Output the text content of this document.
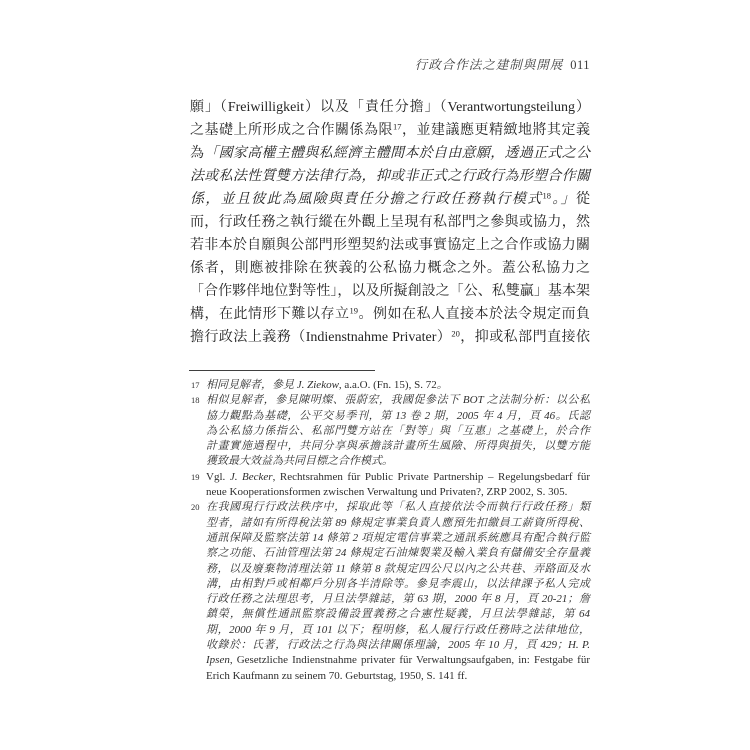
行政合作法之建制與開展 011
願」（Freiwilligkeit）以及「責任分擔」（Verantwortungsteilung）
之基礎上所形成之合作關係為限$^{17}$，並建議應更精緻地將其定義
為「國家高權主體與私經濟主體間本於自由意願，透過正式之公
法或私法性質雙方法律行為，抑或非正式之行政行為形塑合作關
係，並且彼此為風險與責任分擔之行政任務執行模式$^{18}$。」從
而，行政任務之執行縱在外觀上呈現有私部門之參與或協力，然
若非本於自願與公部門形塑契約法或事實協定上之合作或協力關
係者，則應被排除在狹義的公私協力概念之外。蓋公私協力之
「合作夥伴地位對等性」，以及所擬創設之「公、私雙贏」基本架
構，在此情形下難以存立$^{19}$。例如在私人直接本於法令規定而負
擔行政法上義務（Indienstnahme Privater）$^{20}$，抑或私部門直接依
17 相同見解者，參見 J. Ziekow, a.a.O. (Fn. 15), S. 72。
18 相似見解者，參見陳明燦、張蔚宏，我國促參法下 BOT 之法制分析：以公私
協力觀點為基礎，公平交易季刊，第 13 卷 2 期，2005 年 4 月，頁 46。氏認
為公私協力係指公、私部門雙方站在「對等」與「互惠」之基礎上，於合作
計畫實施過程中，共同分享與承擔該計畫所生風險、所得與損失，以雙方能
獲致最大效益為共同目標之合作模式。
19 Vgl. J. Becker, Rechtsrahmen für Public Private Partnership – Regelungsbedarf für
neue Kooperationsformen zwischen Verwaltung und Privaten?, ZRP 2002, S. 305.
20 在我國現行行政法秩序中，採取此等「私人直接依法令而執行行政任務」類
型者，諸如有所得稅法第 89 條規定事業負責人應預先扣繳員工薪資所得稅、
通訊保障及監察法第 14 條第 2 項規定電信事業之通訊系統應具有配合執行監
察之功能、石油管理法第 24 條規定石油煉製業及輸入業負有儲備安全存量義
務，以及廢棄物清理法第 11 條第 8 款規定四公尺以內之公共巷、弄路面及水
溝，由相對戶或相鄰戶分別各半清除等。參見李震山，以法律課予私人完成
行政任務之法理思考，月旦法學雜誌，第 63 期，2000 年 8 月，頁 20-21；詹
鎮榮，無償性通訊監察設備設置義務之合憲性疑義，月旦法學雜誌，第 64
期，2000 年 9 月，頁 101 以下；程明修，私人履行行政任務時之法律地位，
收錄於：氏著，行政法之行為與法律關係理論，2005 年 10 月，頁 429；H. P.
Ipsen, Gesetzliche Indienstnahme privater für Verwaltungsaufgaben, in: Festgabe für
Erich Kaufmann zu seinem 70. Geburtstag, 1950, S. 141 ff.
